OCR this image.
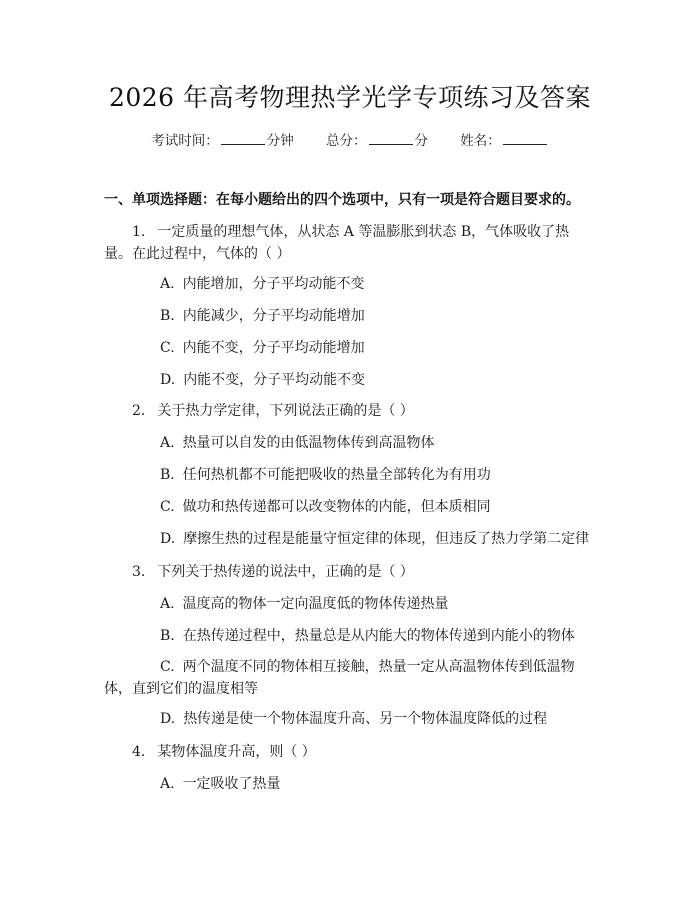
2026 年高考物理热学光学专项练习及答案
考试时间：	分钟 总分：	分 姓名：
一、单项选择题：在每小题给出的四个选项中，只有一项是符合题目要求的。
1. 一定质量的理想气体，从状态 A 等温膨胀到状态 B，气体吸收了热量。在此过程中，气体的（ ）
A. 内能增加，分子平均动能不变
B. 内能减少，分子平均动能增加
C. 内能不变，分子平均动能增加
D. 内能不变，分子平均动能不变
2. 关于热力学定律，下列说法正确的是（ ）
A. 热量可以自发的由低温物体传到高温物体
B. 任何热机都不可能把吸收的热量全部转化为有用功
C. 做功和热传递都可以改变物体的内能，但本质相同
D. 摩擦生热的过程是能量守恒定律的体现，但违反了热力学第二定律
3. 下列关于热传递的说法中，正确的是（ ）
A. 温度高的物体一定向温度低的物体传递热量
B. 在热传递过程中，热量总是从内能大的物体传递到内能小的物体
C. 两个温度不同的物体相互接触，热量一定从高温物体传到低温物体，直到它们的温度相等
D. 热传递是使一个物体温度升高、另一个物体温度降低的过程
4. 某物体温度升高，则（ ）
A. 一定吸收了热量
